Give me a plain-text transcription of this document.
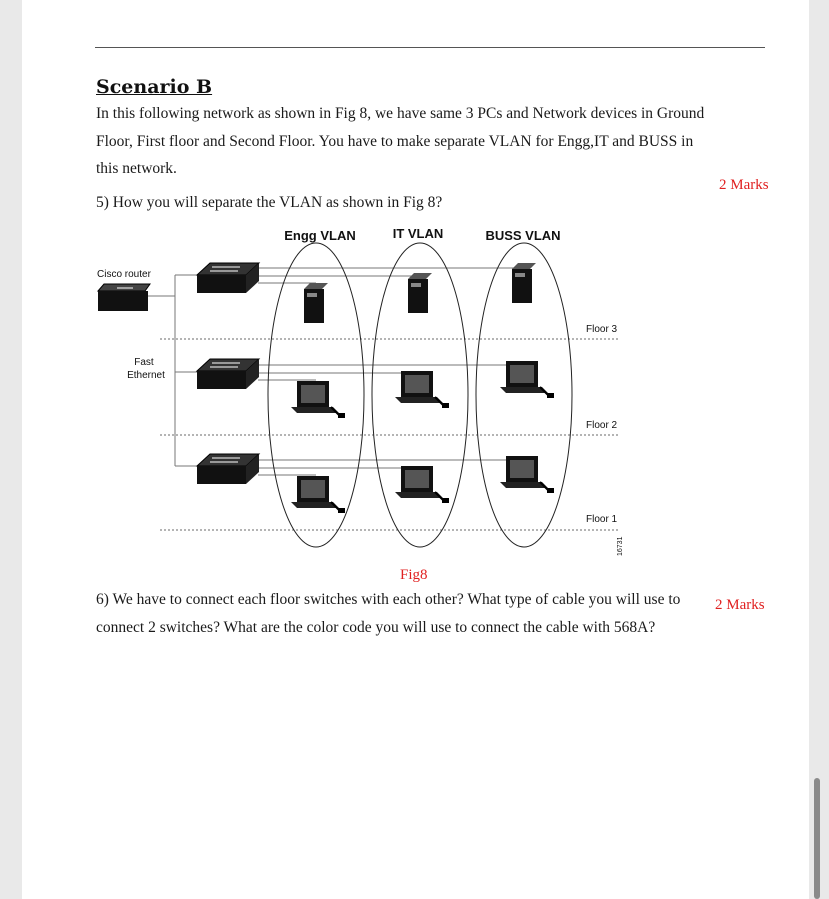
Scenario B

In this following network as shown in Fig 8, we have same 3 PCs and Network devices in Ground

Floor, First floor and Second Floor. You have to make separate VLAN for Engg,IT and BUSS in

this network.

2 Marks

5) How you will separate the VLAN as shown in Fig 8?

Engg VLAN	IT VLAN	BUSS VLAN
Cisco router
Fast
Ethernet
Floor 3
Floor 2
Floor 1
16731
Fig8

6) We have to connect each floor switches with each other? What type of cable you will use to	2 Marks

connect 2 switches? What are the color code you will use to connect the cable with 568A?
